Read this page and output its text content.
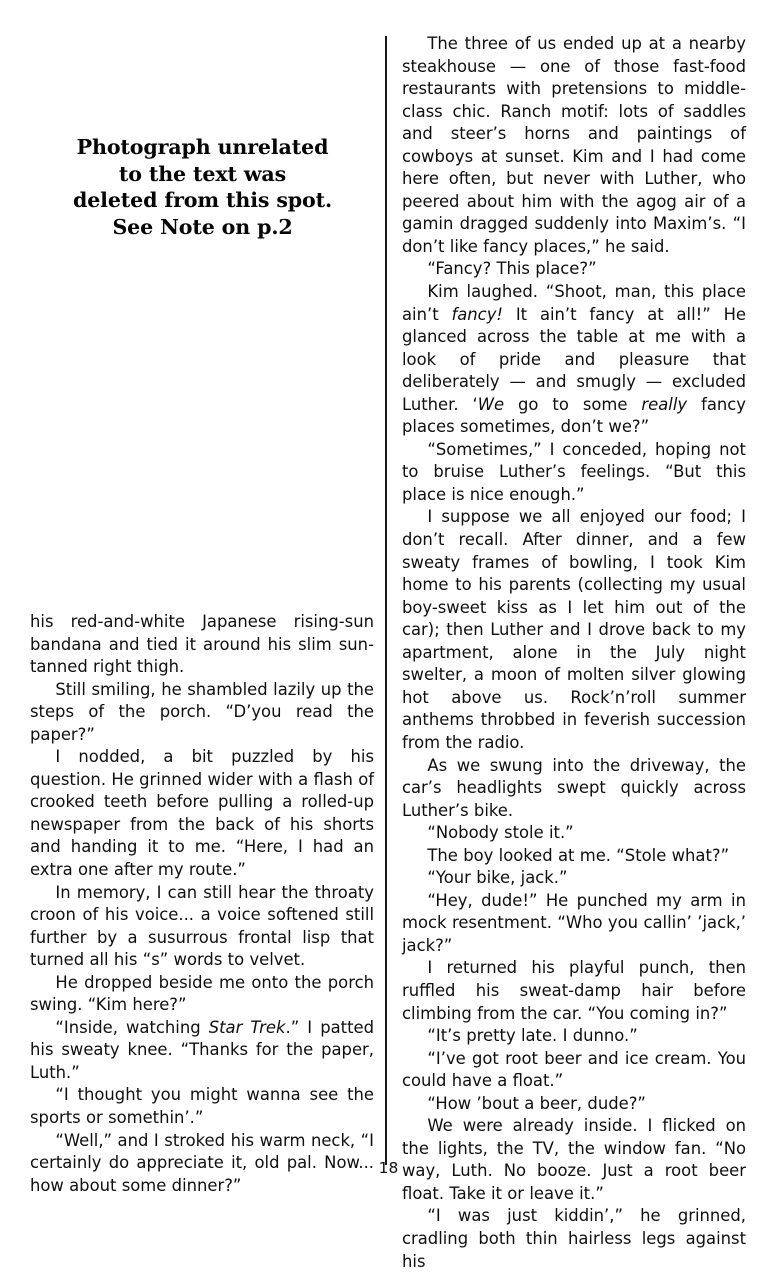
Photograph unrelated
to the text was
deleted from this spot.
See Note on p.2

his red-and-white Japanese rising-sun bandana and tied it around his slim sun-tanned right thigh.

Still smiling, he shambled lazily up the steps of the porch. “D’you read the paper?”

I nodded, a bit puzzled by his question. He grinned wider with a flash of crooked teeth before pulling a rolled-up newspaper from the back of his shorts and handing it to me. “Here, I had an extra one after my route.”

In memory, I can still hear the throaty croon of his voice... a voice softened still further by a susurrous frontal lisp that turned all his “s” words to velvet.

He dropped beside me onto the porch swing. “Kim here?”

“Inside, watching Star Trek.” I patted his sweaty knee. “Thanks for the paper, Luth.”

“I thought you might wanna see the sports or somethin’.”

“Well,” and I stroked his warm neck, “I certainly do appreciate it, old pal. Now... how about some dinner?”

The three of us ended up at a nearby steakhouse — one of those fast-food restaurants with pretensions to middle-class chic. Ranch motif: lots of saddles and steer’s horns and paintings of cowboys at sunset. Kim and I had come here often, but never with Luther, who peered about him with the agog air of a gamin dragged suddenly into Maxim’s. “I don’t like fancy places,” he said.

“Fancy? This place?”

Kim laughed. “Shoot, man, this place ain’t fancy! It ain’t fancy at all!” He glanced across the table at me with a look of pride and pleasure that deliberately — and smugly — excluded Luther. ‘We go to some really fancy places sometimes, don’t we?”

“Sometimes,” I conceded, hoping not to bruise Luther’s feelings. “But this place is nice enough.”

I suppose we all enjoyed our food; I don’t recall. After dinner, and a few sweaty frames of bowling, I took Kim home to his parents (collecting my usual boy-sweet kiss as I let him out of the car); then Luther and I drove back to my apartment, alone in the July night swelter, a moon of molten silver glowing hot above us. Rock’n’roll summer anthems throbbed in feverish succession from the radio.

As we swung into the driveway, the car’s headlights swept quickly across Luther’s bike.

“Nobody stole it.”

The boy looked at me. “Stole what?”

“Your bike, jack.”

“Hey, dude!” He punched my arm in mock resentment. “Who you callin’ ’jack,’ jack?”

I returned his playful punch, then ruffled his sweat-damp hair before climbing from the car. “You coming in?”

“It’s pretty late. I dunno.”

“I’ve got root beer and ice cream. You could have a float.”

“How ’bout a beer, dude?”

We were already inside. I flicked on the lights, the TV, the window fan. “No way, Luth. No booze. Just a root beer float. Take it or leave it.”

“I was just kiddin’,” he grinned, cradling both thin hairless legs against his

18
